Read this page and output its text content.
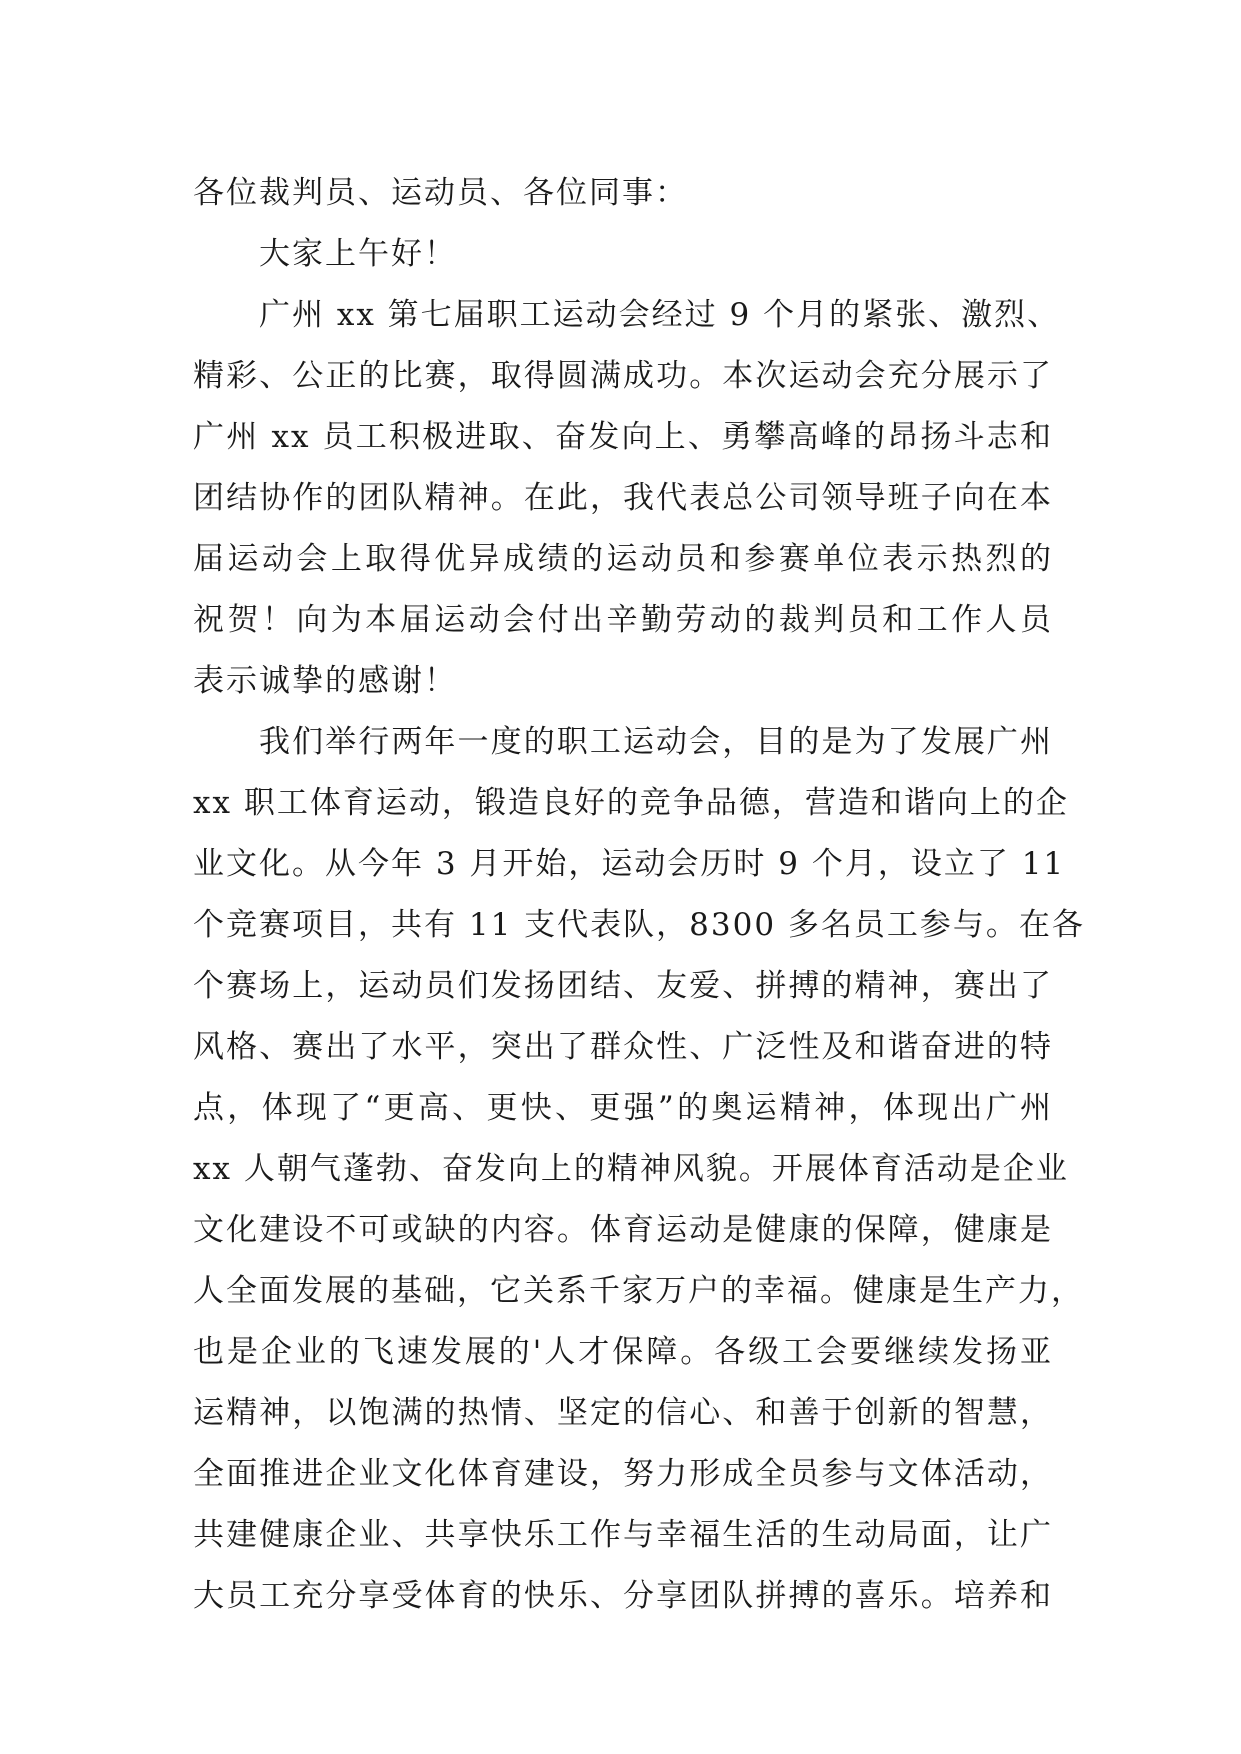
各位裁判员、运动员、各位同事：
大家上午好！
广州 xx 第七届职工运动会经过 9 个月的紧张、激烈、
精彩、公正的比赛，取得圆满成功。本次运动会充分展示了
广州 xx 员工积极进取、奋发向上、勇攀高峰的昂扬斗志和
团结协作的团队精神。在此，我代表总公司领导班子向在本
届运动会上取得优异成绩的运动员和参赛单位表示热烈的
祝贺！向为本届运动会付出辛勤劳动的裁判员和工作人员
表示诚挚的感谢！
我们举行两年一度的职工运动会，目的是为了发展广州
xx 职工体育运动，锻造良好的竞争品德，营造和谐向上的企
业文化。从今年 3 月开始，运动会历时 9 个月，设立了 11
个竞赛项目，共有 11 支代表队，8300 多名员工参与。在各
个赛场上，运动员们发扬团结、友爱、拼搏的精神，赛出了
风格、赛出了水平，突出了群众性、广泛性及和谐奋进的特
点，体现了“更高、更快、更强”的奥运精神，体现出广州
xx 人朝气蓬勃、奋发向上的精神风貌。开展体育活动是企业
文化建设不可或缺的内容。体育运动是健康的保障，健康是
人全面发展的基础，它关系千家万户的幸福。健康是生产力，
也是企业的飞速发展的'人才保障。各级工会要继续发扬亚
运精神，以饱满的热情、坚定的信心、和善于创新的智慧，
全面推进企业文化体育建设，努力形成全员参与文体活动，
共建健康企业、共享快乐工作与幸福生活的生动局面，让广
大员工充分享受体育的快乐、分享团队拼搏的喜乐。培养和
